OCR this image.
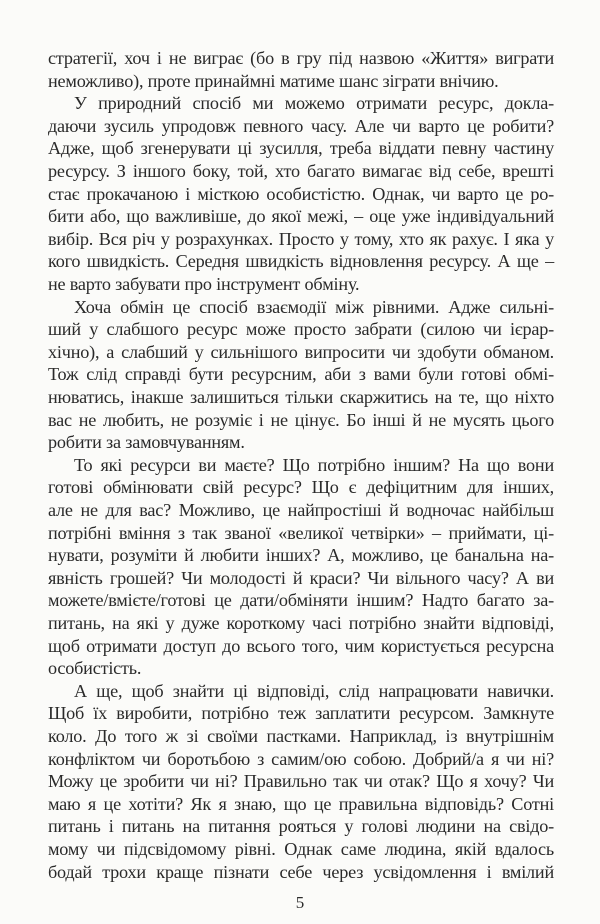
стратегії, хоч і не виграє (бо в гру під назвою «Життя» виграти
неможливо), проте принаймні матиме шанс зіграти внічию.
У природний спосіб ми можемо отримати ресурс, докла-
даючи зусиль упродовж певного часу. Але чи варто це робити?
Адже, щоб згенерувати ці зусилля, треба віддати певну частину
ресурсу. З іншого боку, той, хто багато вимагає від себе, врешті
стає прокачаною і місткою особистістю. Однак, чи варто це ро-
бити або, що важливіше, до якої межі, – оце уже індивідуальний
вибір. Вся річ у розрахунках. Просто у тому, хто як рахує. І яка у
кого швидкість. Середня швидкість відновлення ресурсу. А ще –
не варто забувати про інструмент обміну.
Хоча обмін це спосіб взаємодії між рівними. Адже сильні-
ший у слабшого ресурс може просто забрати (силою чи ієрар-
хічно), а слабший у сильнішого випросити чи здобути обманом.
Тож слід справді бути ресурсним, аби з вами були готові обмі-
нюватись, інакше залишиться тільки скаржитись на те, що ніхто
вас не любить, не розуміє і не цінує. Бо інші й не мусять цього
робити за замовчуванням.
То які ресурси ви маєте? Що потрібно іншим? На що вони
готові обмінювати свій ресурс? Що є дефіцитним для інших,
але не для вас? Можливо, це найпростіші й водночас найбільш
потрібні вміння з так званої «великої четвірки» – приймати, ці-
нувати, розуміти й любити інших? А, можливо, це банальна на-
явність грошей? Чи молодості й краси? Чи вільного часу? А ви
можете/вмієте/готові це дати/обміняти іншим? Надто багато за-
питань, на які у дуже короткому часі потрібно знайти відповіді,
щоб отримати доступ до всього того, чим користується ресурсна
особистість.
А ще, щоб знайти ці відповіді, слід напрацювати навички.
Щоб їх виробити, потрібно теж заплатити ресурсом. Замкнуте
коло. До того ж зі своїми пастками. Наприклад, із внутрішнім
конфліктом чи боротьбою з самим/ою собою. Добрий/а я чи ні?
Можу це зробити чи ні? Правильно так чи отак? Що я хочу? Чи
маю я це хотіти? Як я знаю, що це правильна відповідь? Сотні
питань і питань на питання рояться у голові людини на свідо-
мому чи підсвідомому рівні. Однак саме людина, якій вдалось
бодай трохи краще пізнати себе через усвідомлення і вмілий
5
